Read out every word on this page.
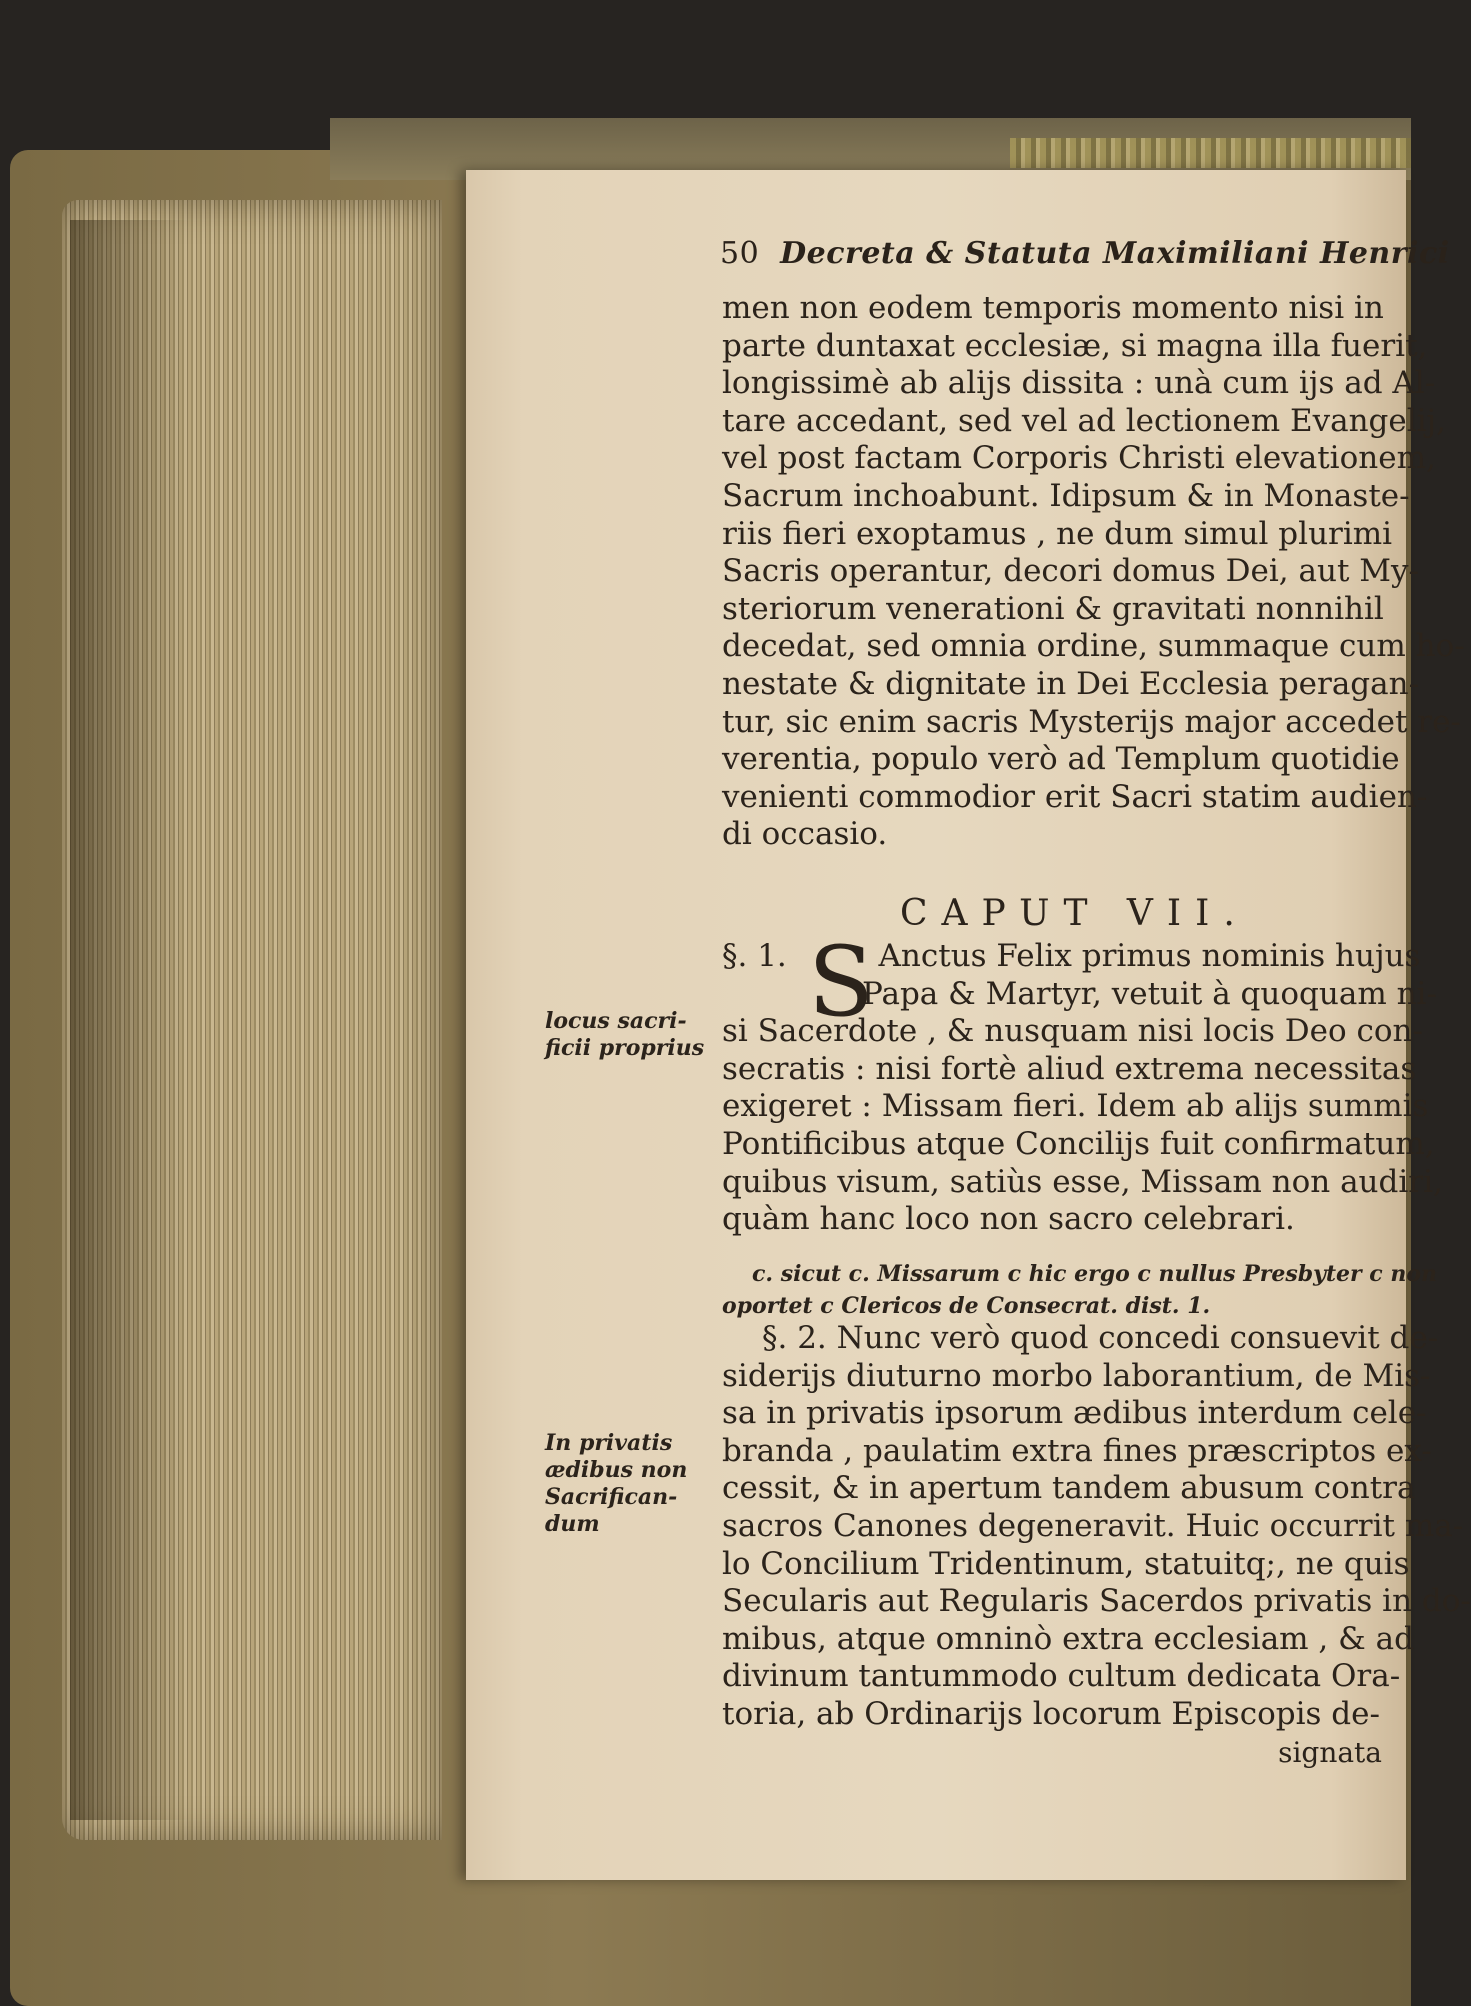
50 Decreta & Statuta Maximiliani Henrici
men non eodem temporis momento nisi in
parte duntaxat ecclesiæ, si magna illa fuerit,
longissimè ab alijs dissita : unà cum ijs ad Al-
tare accedant, sed vel ad lectionem Evangelij,
vel post factam Corporis Christi elevationem,
Sacrum inchoabunt. Idipsum & in Monaste-
riis fieri exoptamus , ne dum simul plurimi
Sacris operantur, decori domus Dei, aut My-
steriorum venerationi & gravitati nonnihil
decedat, sed omnia ordine, summaque cum ho-
nestate & dignitate in Dei Ecclesia peragan-
tur, sic enim sacris Mysterijs major accedet re-
verentia, populo verò ad Templum quotidie
venienti commodior erit Sacri statim audien-
di occasio.
CAPUT VII.
S
§. 1.	Anctus Felix primus nominis hujus
Papa & Martyr, vetuit à quoquam ni-
si Sacerdote , & nusquam nisi locis Deo con-
secratis : nisi fortè aliud extrema necessitas
exigeret : Missam fieri. Idem ab alijs summis
Pontificibus atque Concilijs fuit confirmatum,
quibus visum, satiùs esse, Missam non audiri,
quàm hanc loco non sacro celebrari.
c. sicut c. Missarum c hic ergo c nullus Presbyter c non
oportet c Clericos de Consecrat. dist. 1.
§. 2. Nunc verò quod concedi consuevit de-
siderijs diuturno morbo laborantium, de Mis-
sa in privatis ipsorum ædibus interdum cele-
branda , paulatim extra fines præscriptos ex-
cessit, & in apertum tandem abusum contra
sacros Canones degeneravit. Huic occurrit ma-
lo Concilium Tridentinum, statuitq;, ne quis
Secularis aut Regularis Sacerdos privatis in do-
mibus, atque omninò extra ecclesiam , & ad
divinum tantummodo cultum dedicata Ora-
toria, ab Ordinarijs locorum Episcopis de-
signata
locus sacri-
ficii proprius
In privatis
ædibus non
Sacrifican-
dum
